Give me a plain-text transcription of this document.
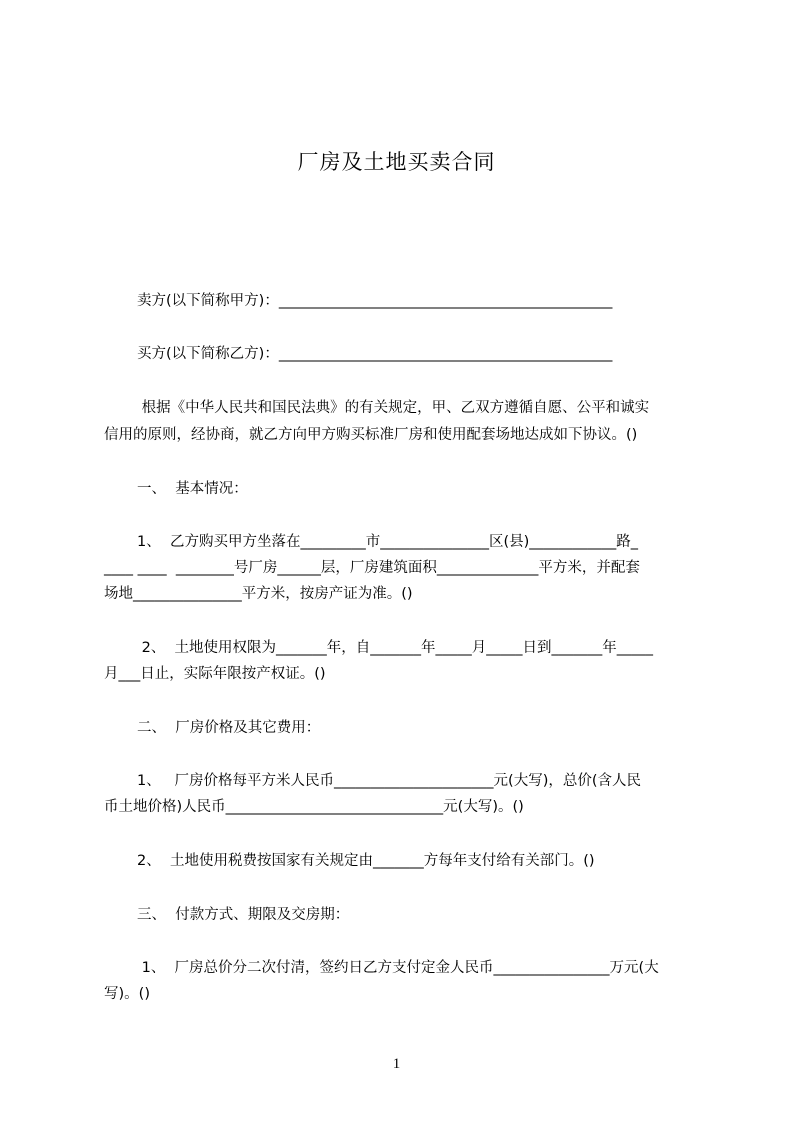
厂房及土地买卖合同
卖方(以下简称甲方)：______________________________________________
买方(以下简称乙方)：______________________________________________
根据《中华人民共和国民法典》的有关规定，甲、乙双方遵循自愿、公平和诚实
信用的原则，经协商，就乙方向甲方购买标准厂房和使用配套场地达成如下协议。()
一、  基本情况：
1、  乙方购买甲方坐落在_________市_______________区(县)____________路_
____ ____  ________号厂房______层，厂房建筑面积______________平方米，并配套
场地_______________平方米，按房产证为准。()
2、  土地使用权限为_______年，自_______年_____月_____日到_______年_____
月___日止，实际年限按产权证。()
二、  厂房价格及其它费用：
1、   厂房价格每平方米人民币______________________元(大写)，总价(含人民
币土地价格)人民币______________________________元(大写)。()
2、  土地使用税费按国家有关规定由_______方每年支付给有关部门。()
三、  付款方式、期限及交房期：
1、  厂房总价分二次付清，签约日乙方支付定金人民币________________万元(大
写)。()
1
